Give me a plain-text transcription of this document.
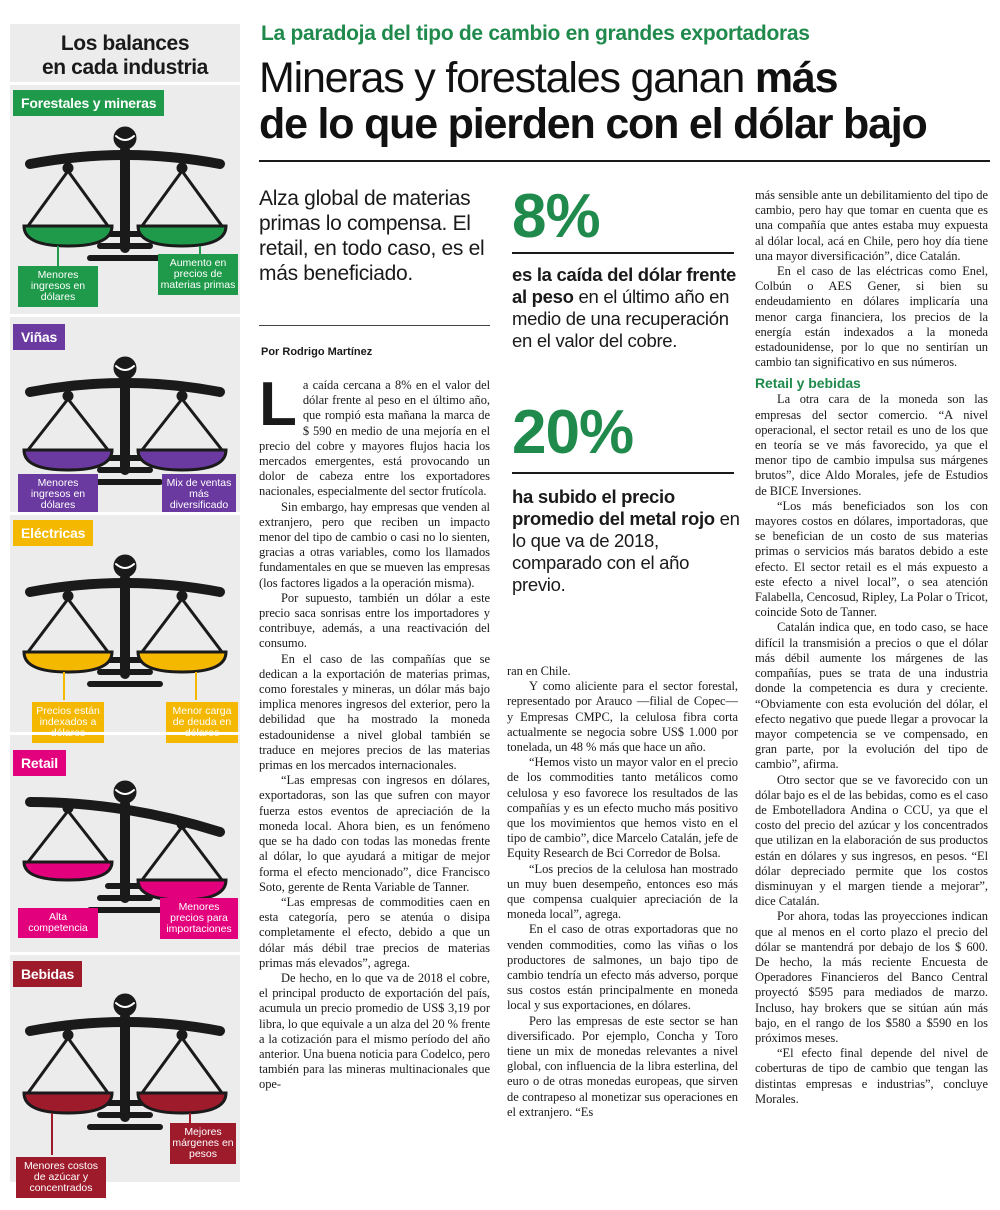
Los balances
en cada industria
Forestales y mineras
Menores ingresos en dólares
Aumento en precios de materias primas
Viñas
Menores ingresos en dólares
Mix de ventas más diversificado
Eléctricas
Precios están indexados a
Menor carga de deuda en
Retail
Alta competencia
Menores precios para importaciones
Bebidas
Menores costos de azúcar y concentrados
Mejores márgenes en pesos
La paradoja del tipo de cambio en grandes exportadoras
Mineras y forestales ganan más
de lo que pierden con el dólar bajo
Alza global de materias primas lo compensa. El retail, en todo caso, es el más beneficiado.
Por Rodrigo Martínez
8%
es la caída del dólar frente al peso en el último año en medio de una recuperación en el valor del cobre.
20%
ha subido el precio promedio del metal rojo en lo que va de 2018, comparado con el año previo.

La caída cercana a 8% en el valor del dólar frente al peso en el último año, que rompió esta mañana la marca de $ 590 en medio de una mejoría en el precio del cobre y mayores flujos hacia los mercados emergentes, está provocando un dolor de cabeza entre los exportadores nacionales, especialmente del sector frutícola.

Sin embargo, hay empresas que venden al extranjero, pero que reciben un impacto menor del tipo de cambio o casi no lo sienten, gracias a otras variables, como los llamados fundamentales en que se mueven las empresas (los factores ligados a la operación misma).

Por supuesto, también un dólar a este precio saca sonrisas entre los importadores y contribuye, además, a una reactivación del consumo.

En el caso de las compañías que se dedican a la exportación de materias primas, como forestales y mineras, un dólar más bajo implica menores ingresos del exterior, pero la debilidad que ha mostrado la moneda estadounidense a nivel global también se traduce en mejores precios de las materias primas en los mercados internacionales.

“Las empresas con ingresos en dólares, exportadoras, son las que sufren con mayor fuerza estos eventos de apreciación de la moneda local. Ahora bien, es un fenómeno que se ha dado con todas las monedas frente al dólar, lo que ayudará a mitigar de mejor forma el efecto mencionado”, dice Francisco Soto, gerente de Renta Variable de Tanner.

“Las empresas de commodities caen en esta categoría, pero se atenúa o disipa completamente el efecto, debido a que un dólar más débil trae precios de materias primas más elevados”, agrega.

De hecho, en lo que va de 2018 el cobre, el principal producto de exportación del país, acumula un precio promedio de US$ 3,19 por libra, lo que equivale a un alza del 20 % frente a la cotización para el mismo período del año anterior. Una buena noticia para Codelco, pero también para las mineras multinacionales que ope-

ran en Chile.

Y como aliciente para el sector forestal, representado por Arauco —filial de Copec— y Empresas CMPC, la celulosa fibra corta actualmente se negocia sobre US$ 1.000 por tonelada, un 48 % más que hace un año.

“Hemos visto un mayor valor en el precio de los commodities tanto metálicos como celulosa y eso favorece los resultados de las compañías y es un efecto mucho más positivo que los movimientos que hemos visto en el tipo de cambio”, dice Marcelo Catalán, jefe de Equity Research de Bci Corredor de Bolsa.

“Los precios de la celulosa han mostrado un muy buen desempeño, entonces eso más que compensa cualquier apreciación de la moneda local”, agrega.

En el caso de otras exportadoras que no venden commodities, como las viñas o los productores de salmones, un bajo tipo de cambio tendría un efecto más adverso, porque sus costos están principalmente en moneda local y sus exportaciones, en dólares.

Pero las empresas de este sector se han diversificado. Por ejemplo, Concha y Toro tiene un mix de monedas relevantes a nivel global, con influencia de la libra esterlina, del euro o de otras monedas europeas, que sirven de contrapeso al monetizar sus operaciones en el extranjero. “Es

más sensible ante un debilitamiento del tipo de cambio, pero hay que tomar en cuenta que es una compañía que antes estaba muy expuesta al dólar local, acá en Chile, pero hoy día tiene una mayor diversificación”, dice Catalán.

En el caso de las eléctricas como Enel, Colbún o AES Gener, si bien su endeudamiento en dólares implicaría una menor carga financiera, los precios de la energía están indexados a la moneda estadounidense, por lo que no sentirían un cambio tan significativo en sus números.

Retail y bebidas

La otra cara de la moneda son las empresas del sector comercio. “A nivel operacional, el sector retail es uno de los que en teoría se ve más favorecido, ya que el menor tipo de cambio impulsa sus márgenes brutos”, dice Aldo Morales, jefe de Estudios de BICE Inversiones.

“Los más beneficiados son los con mayores costos en dólares, importadoras, que se benefician de un costo de sus materias primas o servicios más baratos debido a este efecto. El sector retail es el más expuesto a este efecto a nivel local”, o sea atención Falabella, Cencosud, Ripley, La Polar o Tricot, coincide Soto de Tanner.

Catalán indica que, en todo caso, se hace difícil la transmisión a precios o que el dólar más débil aumente los márgenes de las compañías, pues se trata de una industria donde la competencia es dura y creciente. “Obviamente con esta evolución del dólar, el efecto negativo que puede llegar a provocar la mayor competencia se ve compensado, en gran parte, por la evolución del tipo de cambio”, afirma.

Otro sector que se ve favorecido con un dólar bajo es el de las bebidas, como es el caso de Embotelladora Andina o CCU, ya que el costo del precio del azúcar y los concentrados que utilizan en la elaboración de sus productos están en dólares y sus ingresos, en pesos. “El dólar depreciado permite que los costos disminuyan y el margen tiende a mejorar”, dice Catalán.

Por ahora, todas las proyecciones indican que al menos en el corto plazo el precio del dólar se mantendrá por debajo de los $ 600. De hecho, la más reciente Encuesta de Operadores Financieros del Banco Central proyectó $595 para mediados de marzo. Incluso, hay brokers que se sitúan aún más bajo, en el rango de los $580 a $590 en los próximos meses.

“El efecto final depende del nivel de coberturas de tipo de cambio que tengan las distintas empresas e industrias”, concluye Morales.
